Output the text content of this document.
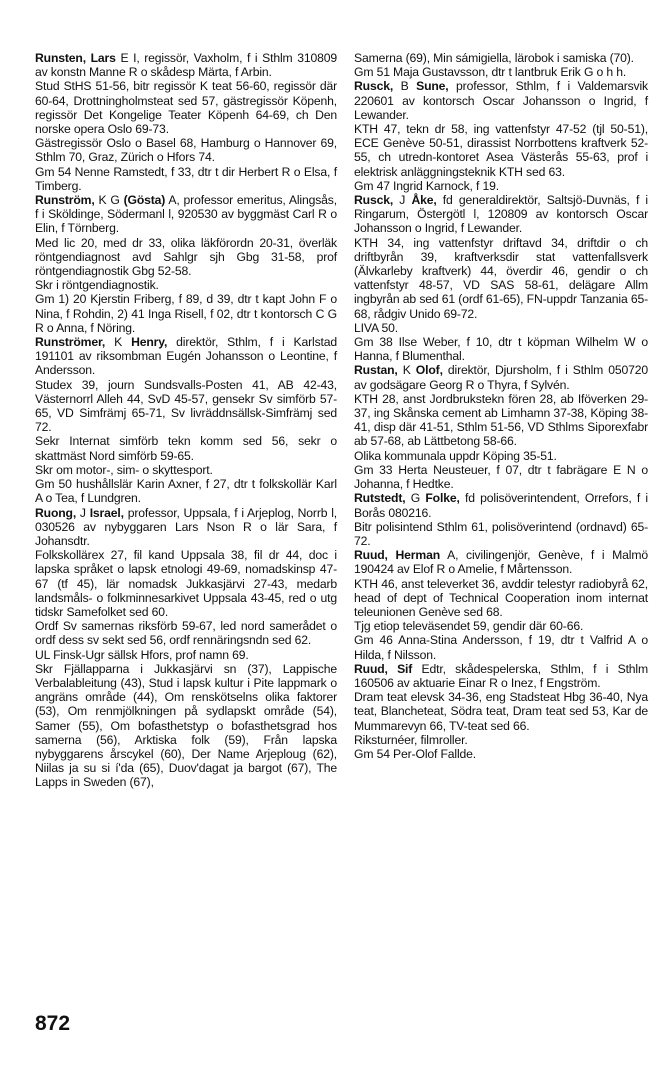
Runsten, Lars E I, regissör, Vaxholm, f i Sthlm 310809 av konstn Manne R o skådesp Märta, f Arbin.

Stud StHS 51-56, bitr regissör K teat 56-60, regissör där 60-64, Drottningholmsteat sed 57, gästregissör Köpenh, regissör Det Kongelige Teater Köpenh 64-69, ch Den norske opera Oslo 69-73.

Gästregissör Oslo o Basel 68, Hamburg o Hannover 69, Sthlm 70, Graz, Zürich o Hfors 74.

Gm 54 Nenne Ramstedt, f 33, dtr t dir Herbert R o Elsa, f Timberg.

Runström, K G (Gösta) A, professor emeritus, Alingsås, f i Sköldinge, Södermanl l, 920530 av byggmäst Carl R o Elin, f Törnberg.

Med lic 20, med dr 33, olika läkförordn 20-31, överläk röntgendiagnost avd Sahlgr sjh Gbg 31-58, prof röntgendiagnostik Gbg 52-58.

Skr i röntgendiagnostik.

Gm 1) 20 Kjerstin Friberg, f 89, d 39, dtr t kapt John F o Nina, f Rohdin, 2) 41 Inga Risell, f 02, dtr t kontorsch C G R o Anna, f Nöring.

Runströmer, K Henry, direktör, Sthlm, f i Karlstad 191101 av riksombman Eugén Johansson o Leontine, f Andersson.

Studex 39, journ Sundsvalls-Posten 41, AB 42-43, Västernorrl Alleh 44, SvD 45-57, gensekr Sv simförb 57-65, VD Simfrämj 65-71, Sv livräddnsällsk-Simfrämj sed 72.

Sekr Internat simförb tekn komm sed 56, sekr o skattmäst Nord simförb 59-65.

Skr om motor-, sim- o skyttesport.

Gm 50 hushållslär Karin Axner, f 27, dtr t folkskollär Karl A o Tea, f Lundgren.

Ruong, J Israel, professor, Uppsala, f i Arjeplog, Norrb l, 030526 av nybyggaren Lars Nson R o lär Sara, f Johansdtr.

Folkskollärex 27, fil kand Uppsala 38, fil dr 44, doc i lapska språket o lapsk etnologi 49-69, nomadskinsp 47-67 (tf 45), lär nomadsk Jukkasjärvi 27-43, medarb landsmåls- o folkminnesarkivet Uppsala 43-45, red o utg tidskr Samefolket sed 60.

Ordf Sv samernas riksförb 59-67, led nord samerådet o ordf dess sv sekt sed 56, ordf rennäringsndn sed 62.

UL Finsk-Ugr sällsk Hfors, prof namn 69.

Skr Fjällapparna i Jukkasjärvi sn (37), Lappische Verbalableitung (43), Stud i lapsk kultur i Pite lappmark o angräns område (44), Om renskötselns olika faktorer (53), Om renmjölkningen på sydlapskt område (54), Samer (55), Om bofasthetstyp o bofasthetsgrad hos samerna (56), Arktiska folk (59), Från lapska nybyggarens årscykel (60), Der Name Arjeploug (62), Niilas ja su si í'da (65), Duov'dagat ja bargot (67), The Lapps in Sweden (67),

Samerna (69), Min sámigiella, lärobok i samiska (70).

Gm 51 Maja Gustavsson, dtr t lantbruk Erik G o h h.

Rusck, B Sune, professor, Sthlm, f i Valdemarsvik 220601 av kontorsch Oscar Johansson o Ingrid, f Lewander.

KTH 47, tekn dr 58, ing vattenfstyr 47-52 (tjl 50-51), ECE Genève 50-51, dirassist Norrbottens kraftverk 52-55, ch utredn-kontoret Asea Västerås 55-63, prof i elektrisk anläggningsteknik KTH sed 63.

Gm 47 Ingrid Karnock, f 19.

Rusck, J Åke, fd generaldirektör, Saltsjö-Duvnäs, f i Ringarum, Östergötl l, 120809 av kontorsch Oscar Johansson o Ingrid, f Lewander.

KTH 34, ing vattenfstyr driftavd 34, driftdir o ch driftbyrån 39, kraftverksdir stat vattenfallsverk (Älvkarleby kraftverk) 44, överdir 46, gendir o ch vattenfstyr 48-57, VD SAS 58-61, delägare Allm ingbyrån ab sed 61 (ordf 61-65), FN-uppdr Tanzania 65-68, rådgiv Unido 69-72.

LIVA 50.

Gm 38 Ilse Weber, f 10, dtr t köpman Wilhelm W o Hanna, f Blumenthal.

Rustan, K Olof, direktör, Djursholm, f i Sthlm 050720 av godsägare Georg R o Thyra, f Sylvén.

KTH 28, anst Jordbrukstekn fören 28, ab Iföverken 29-37, ing Skånska cement ab Limhamn 37-38, Köping 38-41, disp där 41-51, Sthlm 51-56, VD Sthlms Siporexfabr ab 57-68, ab Lättbetong 58-66.

Olika kommunala uppdr Köping 35-51.

Gm 33 Herta Neusteuer, f 07, dtr t fabrägare E N o Johanna, f Hedtke.

Rutstedt, G Folke, fd polisöverintendent, Orrefors, f i Borås 080216.

Bitr polisintend Sthlm 61, polisöverintend (ordnavd) 65-72.

Ruud, Herman A, civilingenjör, Genève, f i Malmö 190424 av Elof R o Amelie, f Mårtensson.

KTH 46, anst televerket 36, avddir telestyr radiobyrå 62, head of dept of Technical Cooperation inom internat teleunionen Genève sed 68.

Tjg etiop televäsendet 59, gendir där 60-66.

Gm 46 Anna-Stina Andersson, f 19, dtr t Valfrid A o Hilda, f Nilsson.

Ruud, Sif Edtr, skådespelerska, Sthlm, f i Sthlm 160506 av aktuarie Einar R o Inez, f Engström.

Dram teat elevsk 34-36, eng Stadsteat Hbg 36-40, Nya teat, Blancheteat, Södra teat, Dram teat sed 53, Kar de Mummarevyn 66, TV-teat sed 66.

Riksturnéer, filmroller.

Gm 54 Per-Olof Fallde.

872
